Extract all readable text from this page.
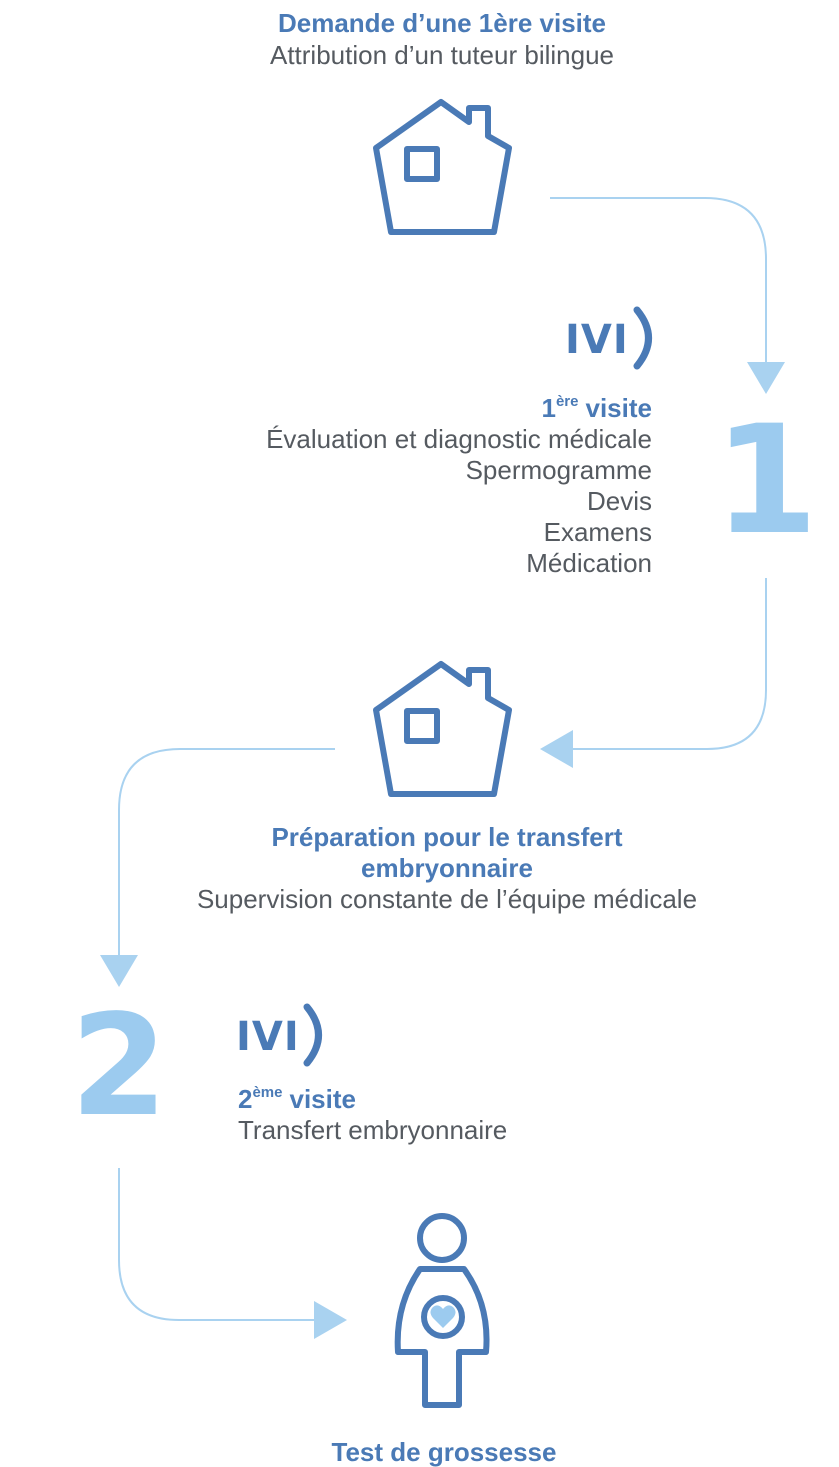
Demande d’une 1ère visite
Attribution d’un tuteur bilingue
IVI
1
1ère visite
Évaluation et diagnostic médicale
Spermogramme
Devis
Examens
Médication
Préparation pour le transfert
embryonnaire
Supervision constante de l’équipe médicale
2 IVI
2ème visite
Transfert embryonnaire
Test de grossesse
